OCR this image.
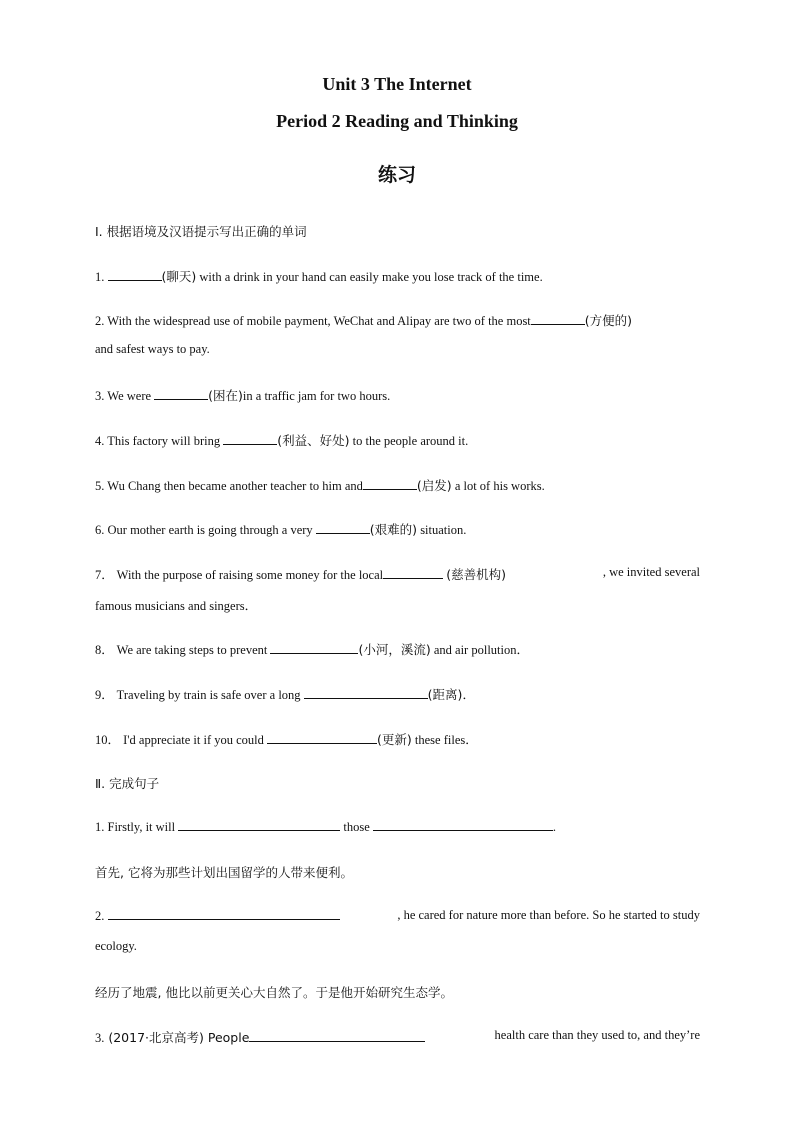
Unit 3 The Internet
Period 2 Reading and Thinking
练习
Ⅰ. 根据语境及汉语提示写出正确的单词
1.	(聊天) with a drink in your hand can easily make you lose track of the time.
2. With the widespread use of mobile payment, WeChat and Alipay are two of the most	(方便的)
and safest ways to pay.
3. We were	(困在)in a traffic jam for two hours.
4. This factory will bring	(利益、好处) to the people around it.
5. Wu Chang then became another teacher to him and	(启发) a lot of his works.
6. Our mother earth is going through a very	(艰难的) situation.
7． With the purpose of raising some money for the local	(慈善机构)	, we invited several
famous musicians and singers．
8． We are taking steps to prevent	(小河，溪流) and air pollution．
9． Traveling by train is safe over a long	(距离)．
10． I'd appreciate it if you could	(更新) these files．
Ⅱ. 完成句子
1. Firstly, it will	those	.
首先, 它将为那些计划出国留学的人带来便利。
2.	, he cared for nature more than before. So he started to study
ecology.
经历了地震, 他比以前更关心大自然了。于是他开始研究生态学。
3. (2017·北京高考) People	health care than they used to, and they’re
